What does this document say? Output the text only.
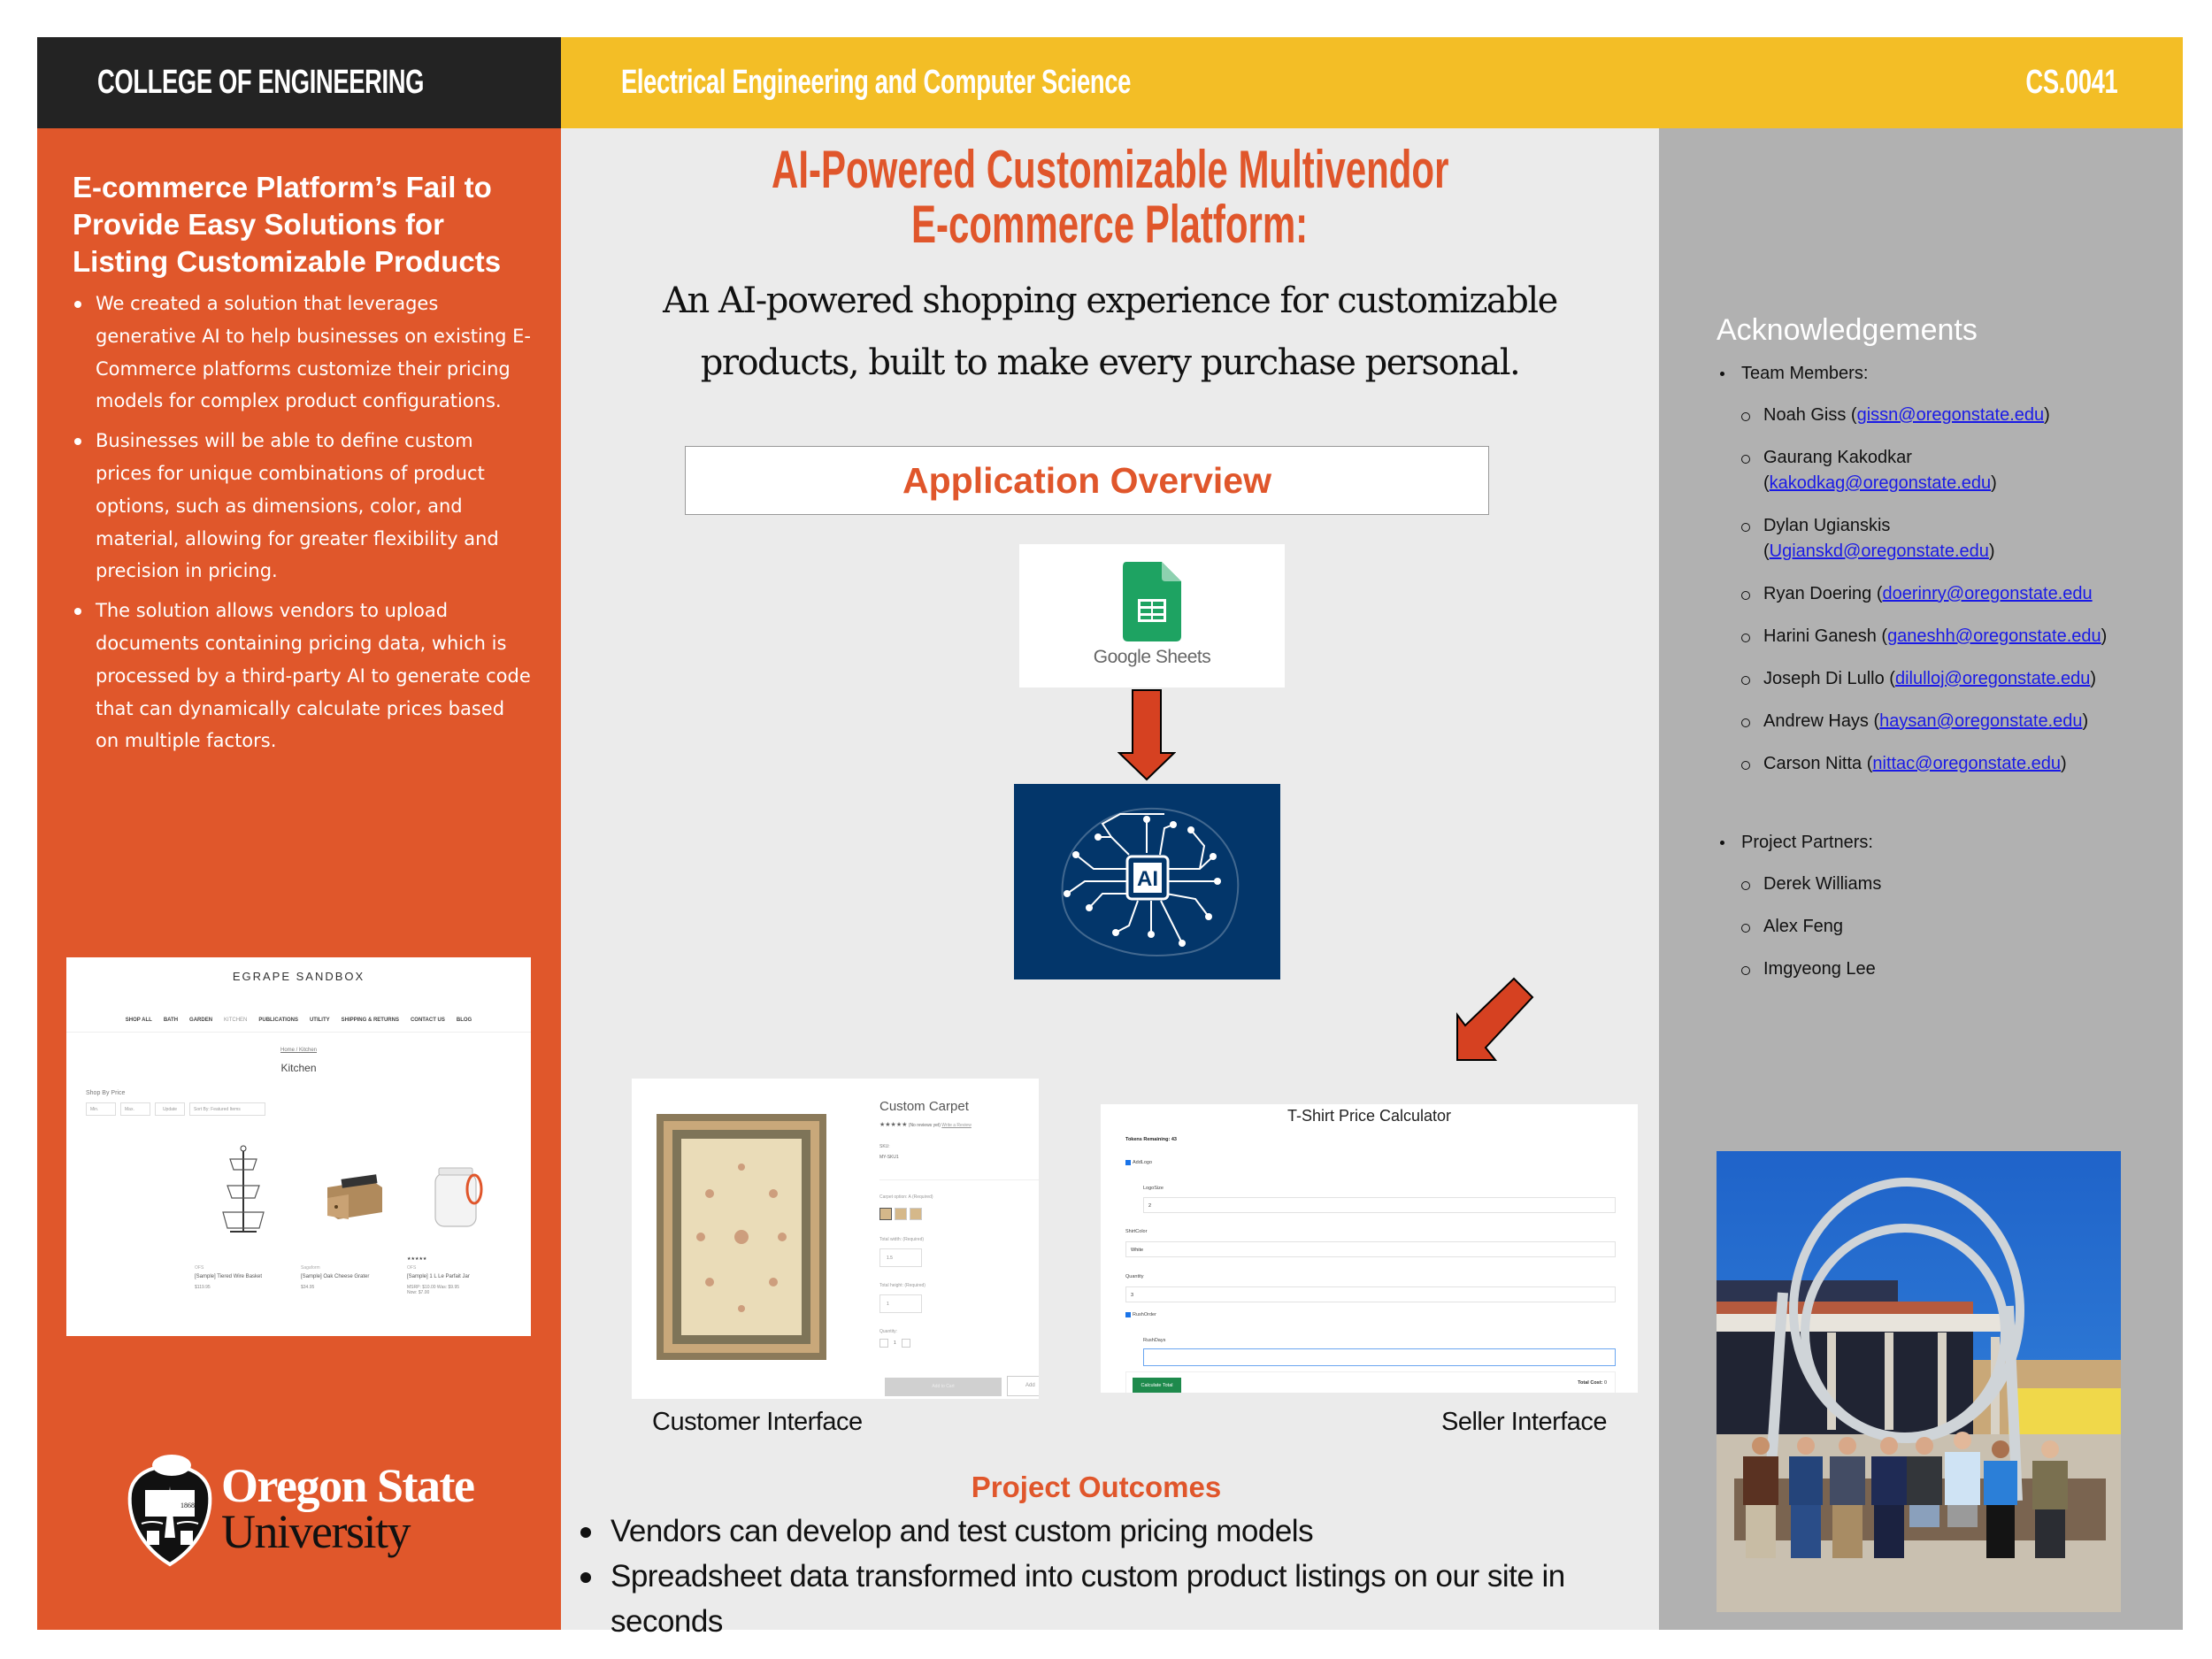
COLLEGE OF ENGINEERING	Electrical Engineering and Computer Science	CS.0041
E-commerce Platform’s Fail to Provide Easy Solutions for Listing Customizable Products
We created a solution that leverages generative AI to help businesses on existing E-Commerce platforms customize their pricing models for complex product configurations.
Businesses will be able to define custom prices for unique combinations of product options, such as dimensions, color, and material, allowing for greater flexibility and precision in pricing.
The solution allows vendors to upload documents containing pricing data, which is processed by a third-party AI to generate code that can dynamically calculate prices based on multiple factors.
EGRAPE SANDBOX
SHOP ALL BATH GARDEN KITCHEN PUBLICATIONS UTILITY SHIPPING & RETURNS CONTACT US BLOG
Home / Kitchen
Kitchen
Shop By Price
Min.	Max.	Update	Sort By: Featured Items
OFS
[Sample] Tiered Wire Basket
$119.95
Sagaform
[Sample] Oak Cheese Grater
$34.95
★★★★★
OFS
[Sample] 1 L Le Parfait Jar
MSRP: $10.00 Was: $9.95 Now: $7.00
1868 Oregon State
University
AI-Powered Customizable Multivendor
E-commerce Platform:
An AI-powered shopping experience for customizable products, built to make every purchase personal.
Application Overview
Google Sheets
AI
Custom Carpet
★★★★★ (No reviews yet) Write a Review
SKU:
MY-SKU1
Carpet option: A (Required)
Total width: (Required)
1.5
Total height: (Required)
1
Quantity:
1
Add to Cart	Add
T-Shirt Price Calculator
Tokens Remaining: 43
AddLogo
LogoSize
2
ShirtColor
White
Quantity
3
RushOrder
RushDays
Calculate Total	Total Cost: 0
Customer Interface	Seller Interface
Project Outcomes
Vendors can develop and test custom pricing models
Spreadsheet data transformed into custom product listings on our site in seconds
Acknowledgements
Team Members:
Noah Giss (gissn@oregonstate.edu)
Gaurang Kakodkar
(kakodkag@oregonstate.edu)
Dylan Ugianskis
(Ugianskd@oregonstate.edu)
Ryan Doering (doerinry@oregonstate.edu
Harini Ganesh (ganeshh@oregonstate.edu)
Joseph Di Lullo (dilulloj@oregonstate.edu)
Andrew Hays (haysan@oregonstate.edu)
Carson Nitta (nittac@oregonstate.edu)
Project Partners:
Derek Williams
Alex Feng
Imgyeong Lee
